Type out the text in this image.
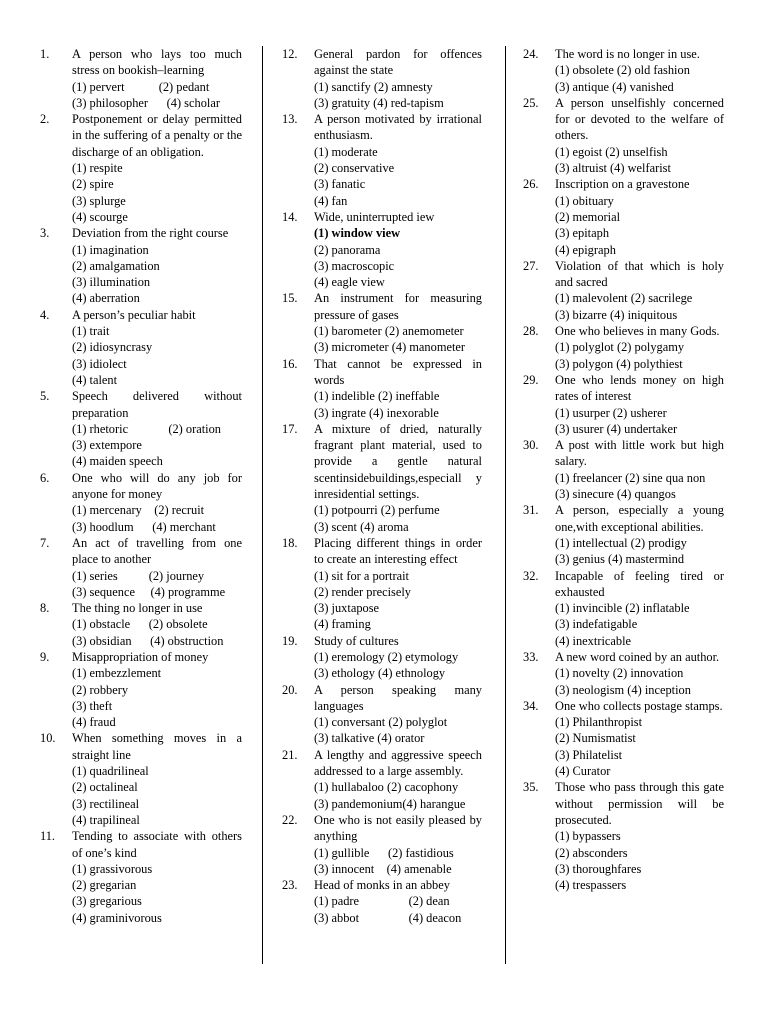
1. A person who lays too much stress on bookish–learning
(1) pervert           (2) pedant
(3) philosopher      (4) scholar
2. Postponement or delay permitted in the suffering of a penalty or the discharge of an obligation.
(1) respite
(2) spire
(3) splurge
(4) scourge
3. Deviation from the right course
(1) imagination
(2) amalgamation
(3) illumination
(4) aberration
4. A person’s peculiar habit
(1) trait
(2) idiosyncrasy
(3) idiolect
(4) talent
5. Speech delivered without preparation
(1) rhetoric             (2) oration
(3) extempore
(4) maiden speech
6. One who will do any job for anyone for money
(1) mercenary    (2) recruit
(3) hoodlum      (4) merchant
7. An act of travelling from one place to another
(1) series          (2) journey
(3) sequence     (4) programme
8. The thing no longer in use
(1) obstacle      (2) obsolete
(3) obsidian      (4) obstruction
9. Misappropriation of money
(1) embezzlement
(2) robbery
(3) theft
(4) fraud
10. When something moves in a straight line
(1) quadrilineal
(2) octalineal
(3) rectilineal
(4) trapilineal
11. Tending to associate with others of one’s kind
(1) grassivorous
(2) gregarian
(3) gregarious
(4) graminivorous
12. General pardon for offences against the state
(1) sanctify (2) amnesty
(3) gratuity (4) red-tapism
13. A person motivated by irrational enthusiasm.
(1) moderate
(2) conservative
(3) fanatic
(4) fan
14. Wide, uninterrupted iew
(1) window view
(2) panorama
(3) macroscopic
(4) eagle view
15. An instrument for measuring pressure of gases
(1) barometer (2) anemometer
(3) micrometer (4) manometer
16. That cannot be expressed in words
(1) indelible (2) ineffable
(3) ingrate (4) inexorable
17. A mixture of dried, naturally fragrant plant material, used to provide a gentle natural scentinsidebuildings,especiall y inresidential settings.
(1) potpourri (2) perfume
(3) scent (4) aroma
18. Placing different things in order to create an interesting effect
(1) sit for a portrait
(2) render precisely
(3) juxtapose
(4) framing
19. Study of cultures
(1) eremology (2) etymology
(3) ethology (4) ethnology
20. A person speaking many languages
(1) conversant (2) polyglot
(3) talkative (4) orator
21. A lengthy and aggressive speech addressed to a large assembly.
(1) hullabaloo (2) cacophony
(3) pandemonium(4) harangue
22. One who is not easily pleased by anything
(1) gullible      (2) fastidious
(3) innocent    (4) amenable
23. Head of monks in an abbey
(1) padre                (2) dean
(3) abbot                (4) deacon
24. The word is no longer in use.
(1) obsolete (2) old fashion
(3) antique (4) vanished
25. A person unselfishly concerned for or devoted to the welfare of others.
(1) egoist (2) unselfish
(3) altruist (4) welfarist
26. Inscription on a gravestone
(1) obituary
(2) memorial
(3) epitaph
(4) epigraph
27. Violation of that which is holy and sacred
(1) malevolent (2) sacrilege
(3) bizarre (4) iniquitous
28. One who believes in many Gods.
(1) polyglot (2) polygamy
(3) polygon (4) polythiest
29. One who lends money on high rates of interest
(1) usurper (2) usherer
(3) usurer (4) undertaker
30. A post with little work but high salary.
(1) freelancer (2) sine qua non
(3) sinecure (4) quangos
31. A person, especially a young one,with exceptional abilities.
(1) intellectual (2) prodigy
(3) genius (4) mastermind
32. Incapable of feeling tired or exhausted
(1) invincible (2) inflatable
(3) indefatigable
(4) inextricable
33. A new word coined by an author.
(1) novelty (2) innovation
(3) neologism (4) inception
34. One who collects postage stamps.
(1) Philanthropist
(2) Numismatist
(3) Philatelist
(4) Curator
35. Those who pass through this gate without permission will be prosecuted.
(1) bypassers
(2) absconders
(3) thoroughfares
(4) trespassers
